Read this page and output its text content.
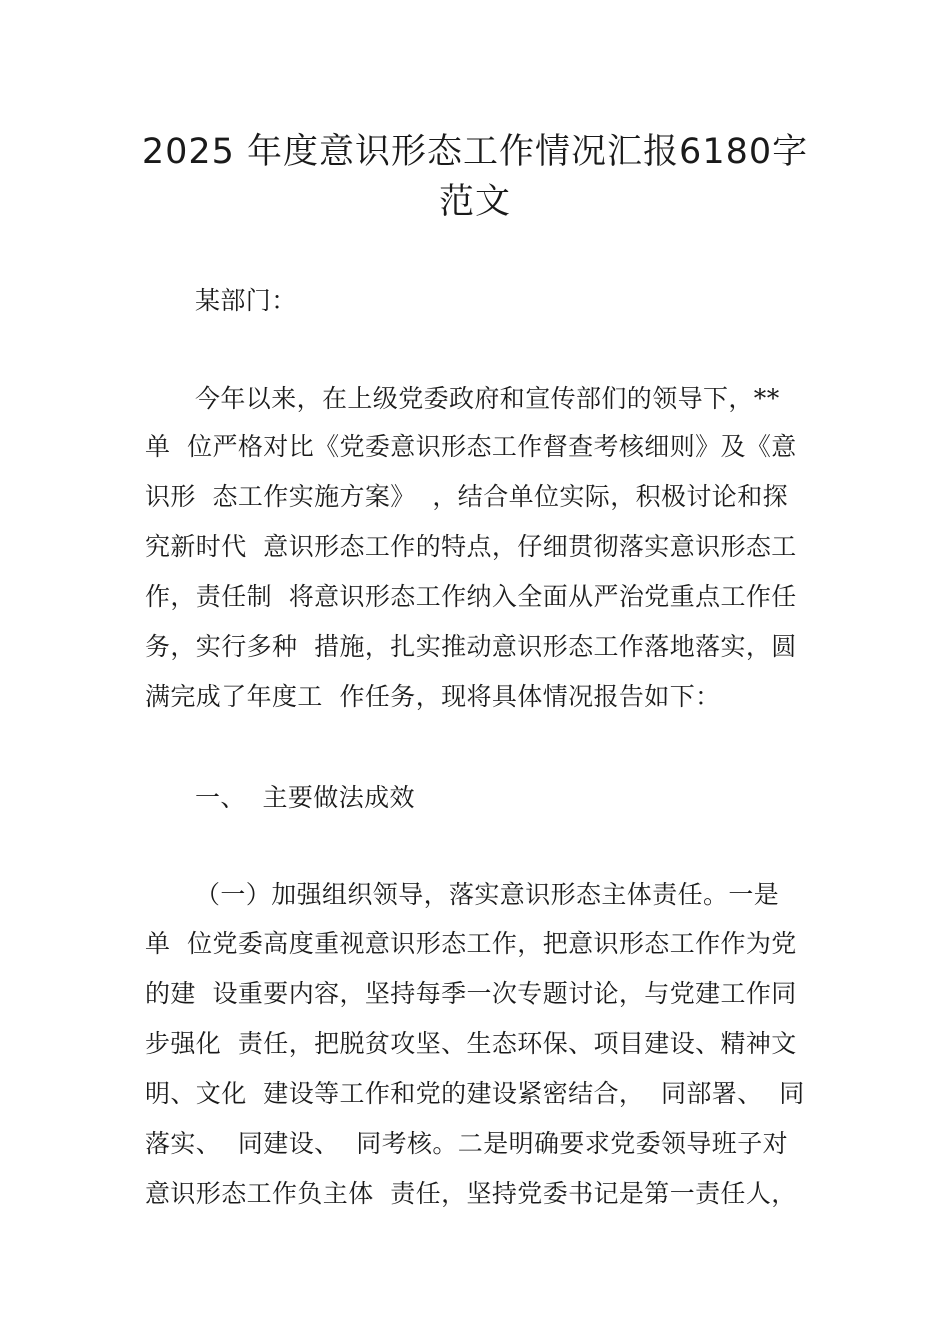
2025 年度意识形态工作情况汇报6180字
范文
某部门：
今年以来，在上级党委政府和宣传部们的领导下，**
单  位严格对比《党委意识形态工作督查考核细则》及《意
识形  态工作实施方案》  ，结合单位实际，积极讨论和探
究新时代  意识形态工作的特点，仔细贯彻落实意识形态工
作，责任制  将意识形态工作纳入全面从严治党重点工作任
务，实行多种  措施，扎实推动意识形态工作落地落实，圆
满完成了年度工  作任务，现将具体情况报告如下：
一、  主要做法成效
（一）加强组织领导，落实意识形态主体责任。一是
单  位党委高度重视意识形态工作，把意识形态工作作为党
的建  设重要内容，坚持每季一次专题讨论，与党建工作同
步强化  责任，把脱贫攻坚、生态环保、项目建设、精神文
明、文化  建设等工作和党的建设紧密结合，  同部署、  同
落实、  同建设、  同考核。二是明确要求党委领导班子对
意识形态工作负主体  责任，坚持党委书记是第一责任人，
